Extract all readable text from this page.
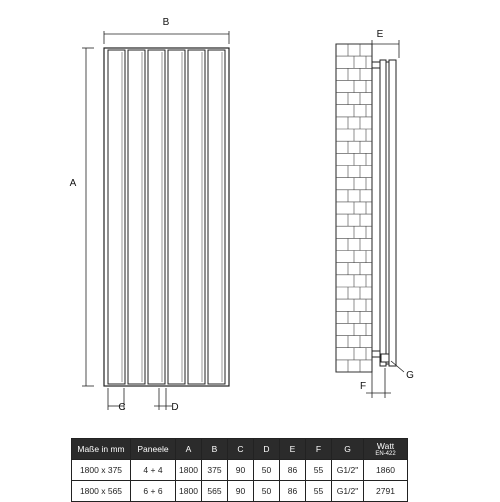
B
A
C	D
E
F
G
Maße in mm	Paneele	A	B	C	D	E	F	G	Watt
EN-422

1800 x 375	4 + 4	1800	375	90	50	86	55	G1/2"	1860
1800 x 565	6 + 6	1800	565	90	50	86	55	G1/2"	2791
